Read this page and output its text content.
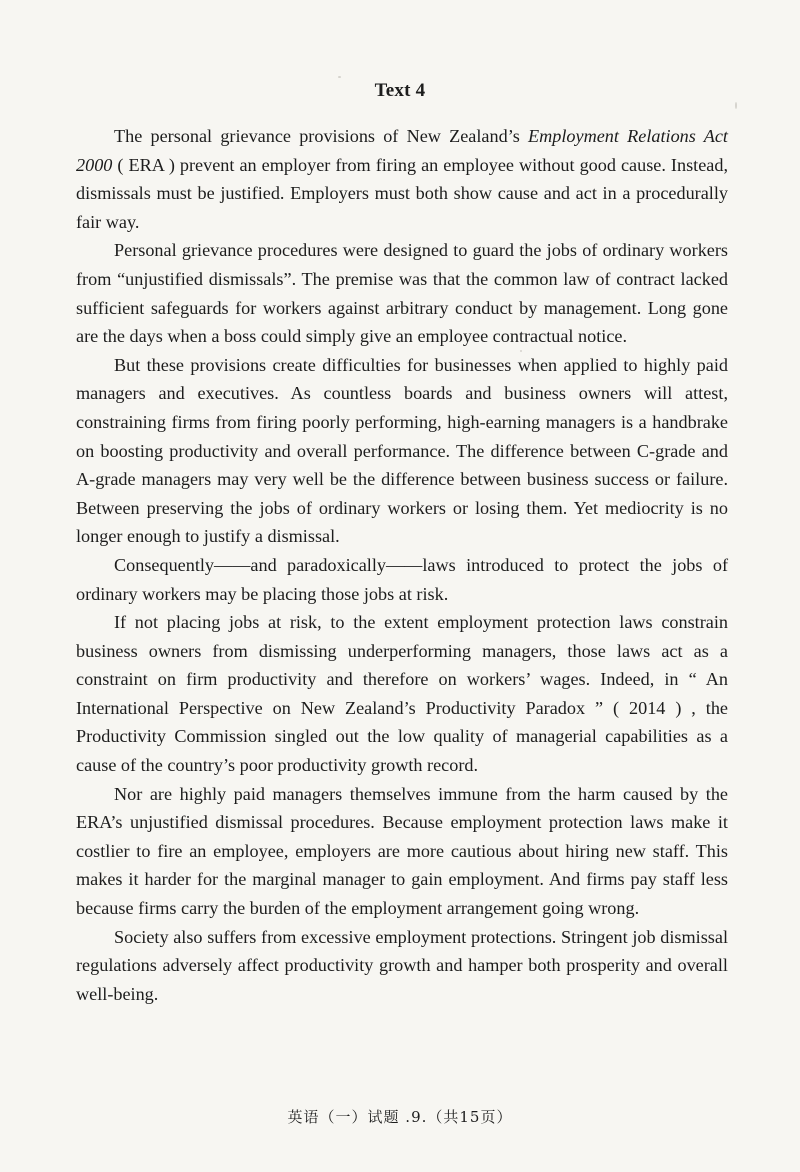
Text 4

The personal grievance provisions of New Zealand’s Employment Relations Act 2000 ( ERA ) prevent an employer from firing an employee without good cause. Instead, dismissals must be justified. Employers must both show cause and act in a procedurally fair way.

Personal grievance procedures were designed to guard the jobs of ordinary workers from “unjustified dismissals”. The premise was that the common law of contract lacked sufficient safeguards for workers against arbitrary conduct by management. Long gone are the days when a boss could simply give an employee contractual notice.

But these provisions create difficulties for businesses when applied to highly paid managers and executives. As countless boards and business owners will attest, constraining firms from firing poorly performing, high-earning managers is a handbrake on boosting productivity and overall performance. The difference between C-grade and A-grade managers may very well be the difference between business success or failure. Between preserving the jobs of ordinary workers or losing them. Yet mediocrity is no longer enough to justify a dismissal.

Consequently——and paradoxically——laws introduced to protect the jobs of ordinary workers may be placing those jobs at risk.

If not placing jobs at risk, to the extent employment protection laws constrain business owners from dismissing underperforming managers, those laws act as a constraint on firm productivity and therefore on workers’ wages. Indeed, in “ An International Perspective on New Zealand’s Productivity Paradox ” ( 2014 ) , the Productivity Commission singled out the low quality of managerial capabilities as a cause of the country’s poor productivity growth record.

Nor are highly paid managers themselves immune from the harm caused by the ERA’s unjustified dismissal procedures. Because employment protection laws make it costlier to fire an employee, employers are more cautious about hiring new staff. This makes it harder for the marginal manager to gain employment. And firms pay staff less because firms carry the burden of the employment arrangement going wrong.

Society also suffers from excessive employment protections. Stringent job dismissal regulations adversely affect productivity growth and hamper both prosperity and overall well-being.

英语（一）试题 .9.（共15页）
